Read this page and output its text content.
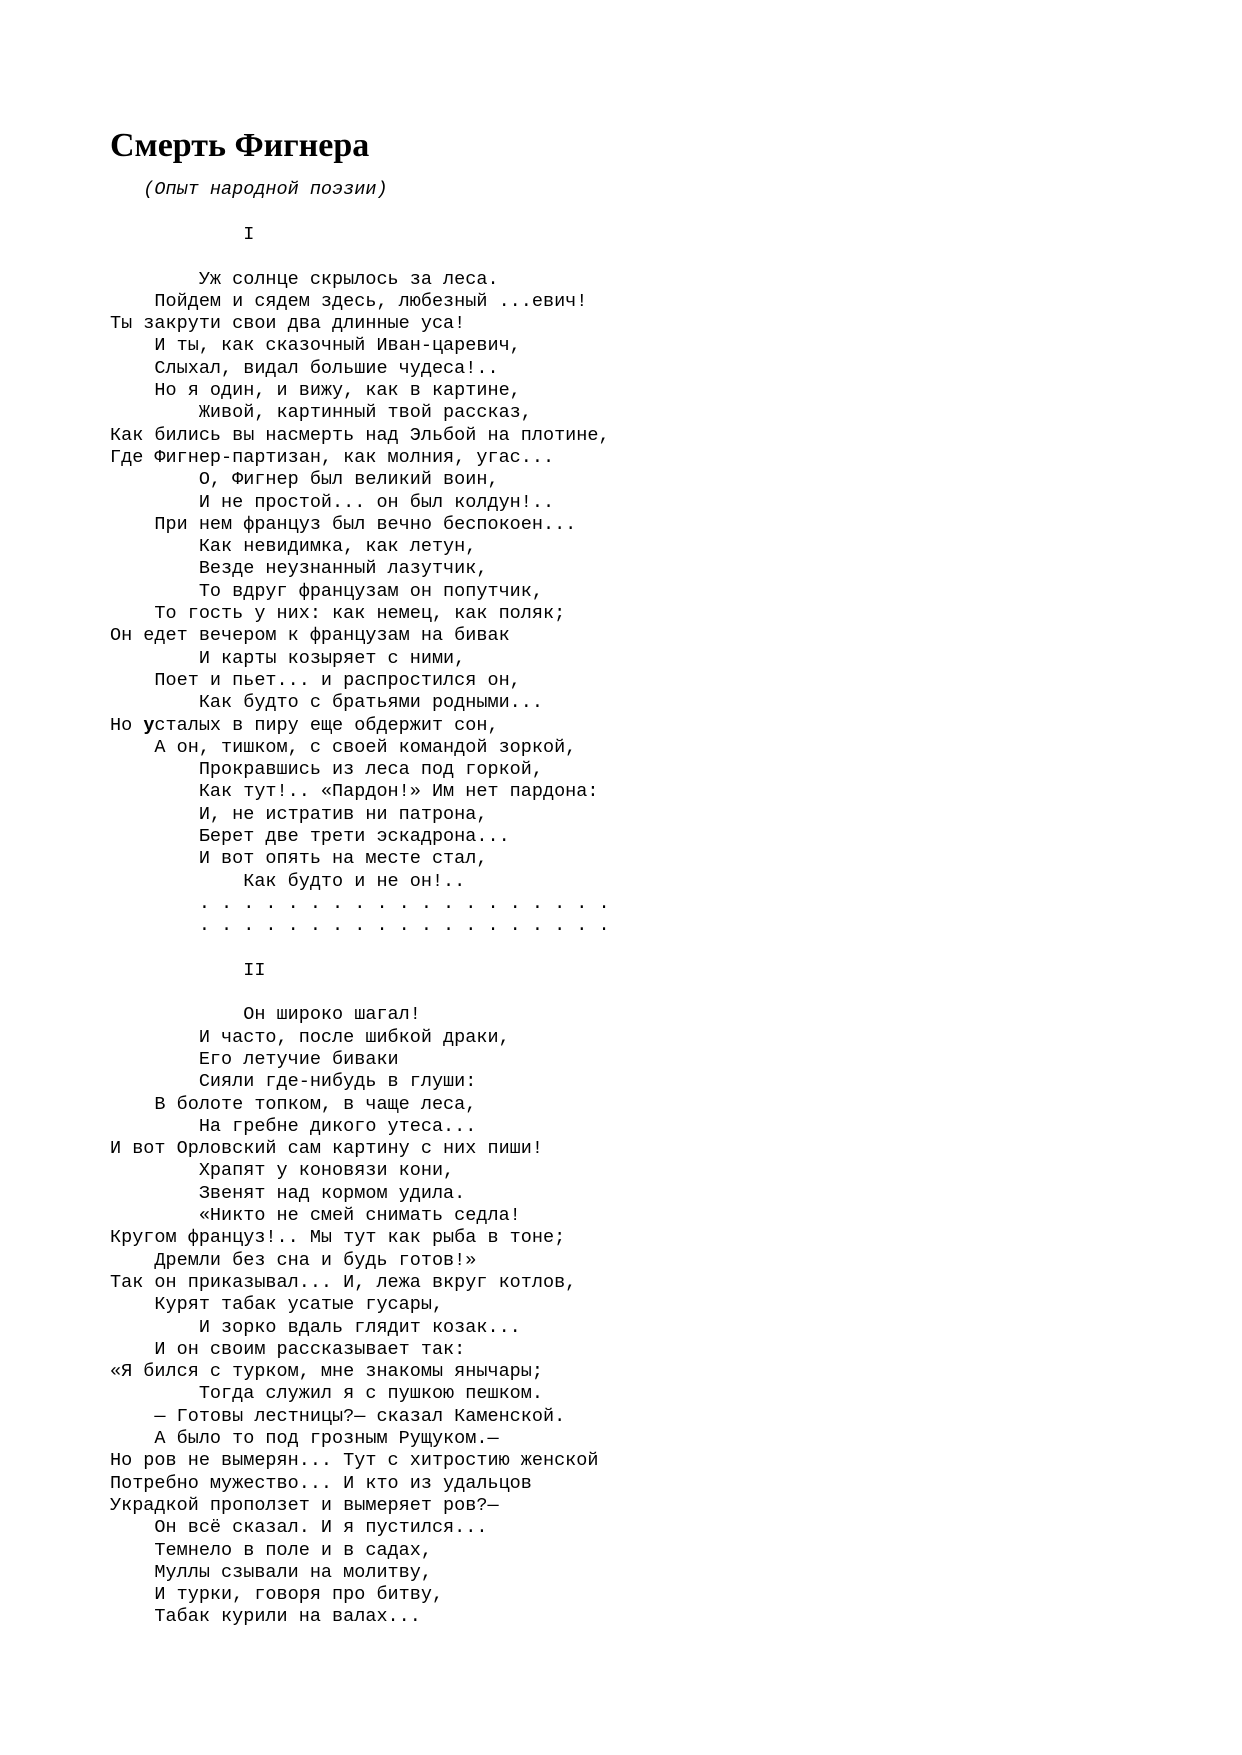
Смерть Фигнера
(Опыт народной поэзии)
I
Уж солнце скрылось за леса.
Пойдем и сядем здесь, любезный ...евич!
Ты закрути свои два длинные уса!
И ты, как сказочный Иван-царевич,
Слыхал, видал большие чудеса!..
Но я один, и вижу, как в картине,
Живой, картинный твой рассказ,
Как бились вы насмерть над Эльбой на плотине,
Где Фигнер-партизан, как молния, угас...
О, Фигнер был великий воин,
И не простой... он был колдун!..
При нем француз был вечно беспокоен...
Как невидимка, как летун,
Везде неузнанный лазутчик,
То вдруг французам он попутчик,
То гость у них: как немец, как поляк;
Он едет вечером к французам на бивак
И карты козыряет с ними,
Поет и пьет... и распростился он,
Как будто с братьями родными...
Но усталых в пиру еще обдержит сон,
А он, тишком, с своей командой зоркой,
Прокравшись из леса под горкой,
Как тут!.. «Пардон!» Им нет пардона:
И, не истратив ни патрона,
Берет две трети эскадрона...
И вот опять на месте стал,
Как будто и не он!..
. . . . . . . . . . . . . . . . . . .
. . . . . . . . . . . . . . . . . . .
II
Он широко шагал!
И часто, после шибкой драки,
Его летучие биваки
Сияли где-нибудь в глуши:
В болоте топком, в чаще леса,
На гребне дикого утеса...
И вот Орловский сам картину с них пиши!
Храпят у коновязи кони,
Звенят над кормом удила.
«Никто не смей снимать седла!
Кругом француз!.. Мы тут как рыба в тоне;
Дремли без сна и будь готов!»
Так он приказывал... И, лежа вкруг котлов,
Курят табак усатые гусары,
И зорко вдаль глядит козак...
И он своим рассказывает так:
«Я бился с турком, мне знакомы янычары;
Тогда служил я с пушкою пешком.
— Готовы лестницы?— сказал Каменской.
А было то под грозным Рущуком.—
Но ров не вымерян... Тут с хитростию женской
Потребно мужество... И кто из удальцов
Украдкой проползет и вымеряет ров?—
Он всё сказал. И я пустился...
Темнело в поле и в садах,
Муллы сзывали на молитву,
И турки, говоря про битву,
Табак курили на валах...
